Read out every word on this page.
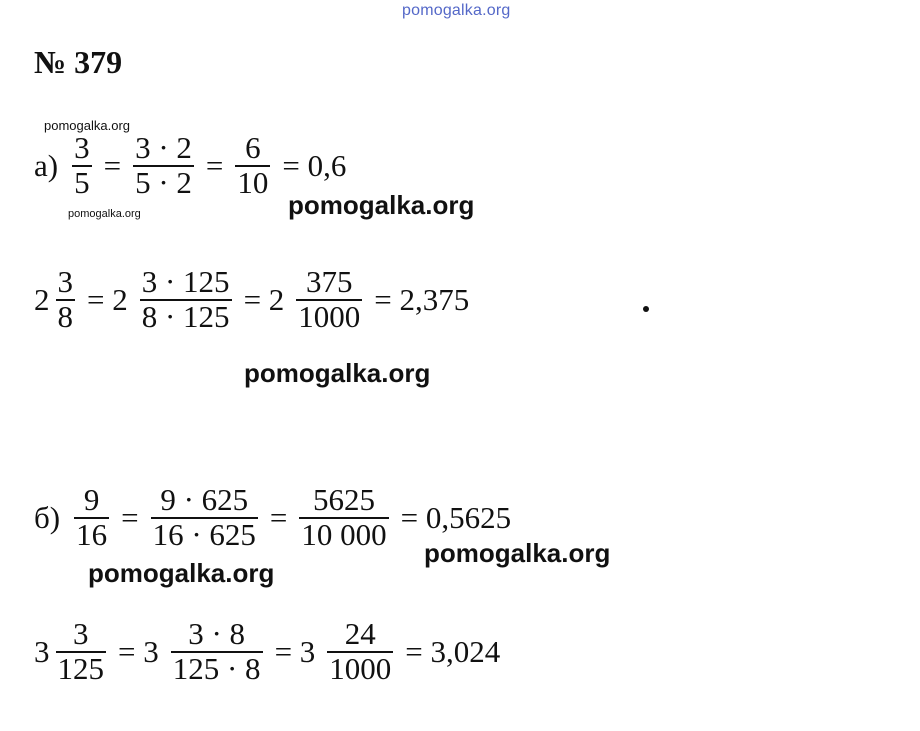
pomogalka.org
№ 379
pomogalka.org
pomogalka.org
$а) \frac{3}{5} = \frac{3 \cdot 2}{5 \cdot 2} = \frac{6}{10} = 0,6$
pomogalka.org
$2 \frac{3}{8} = 2 \frac{3 \cdot 125}{8 \cdot 125} = 2 \frac{375}{1000} = 2,375$
pomogalka.org
$б) \frac{9}{16} = \frac{9 \cdot 625}{16 \cdot 625} = \frac{5625}{10 000} = 0,5625$
pomogalka.org
pomogalka.org
$3 \frac{3}{125} = 3 \frac{3 \cdot 8}{125 \cdot 8} = 3 \frac{24}{1000} = 3,024$
